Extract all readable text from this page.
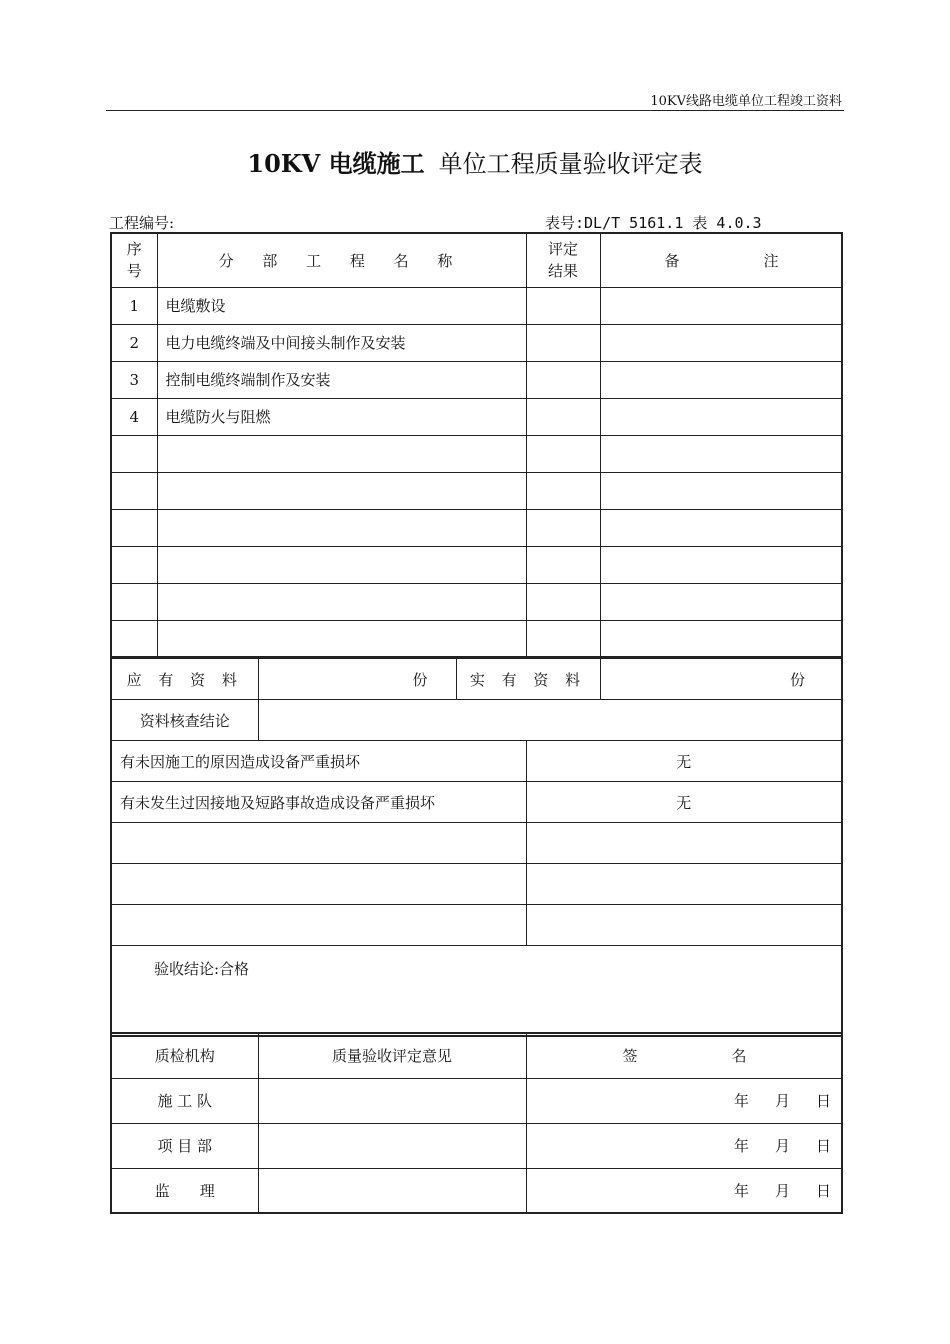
10KV线路电缆单位工程竣工资料
10KV 电缆施工 单位工程质量验收评定表
工程编号:	表号:DL/T 5161.1 表 4.0.3
序号	分 部 工 程 名 称	评定结果	备 注
1	电缆敷设		
2	电力电缆终端及中间接头制作及安装		
3	控制电缆终端制作及安装		
4	电缆防火与阻燃		

应 有 资 料	份	实 有 资 料		份
资料核查结论				
有未因施工的原因造成设备严重损坏			无	
有未发生过因接地及短路事故造成设备严重损坏			无	

验收结论:合格				
质检机构	质量验收评定意见	签 名
施 工 队		年 月 日
项 目 部		年 月 日
监　　理		年 月 日
